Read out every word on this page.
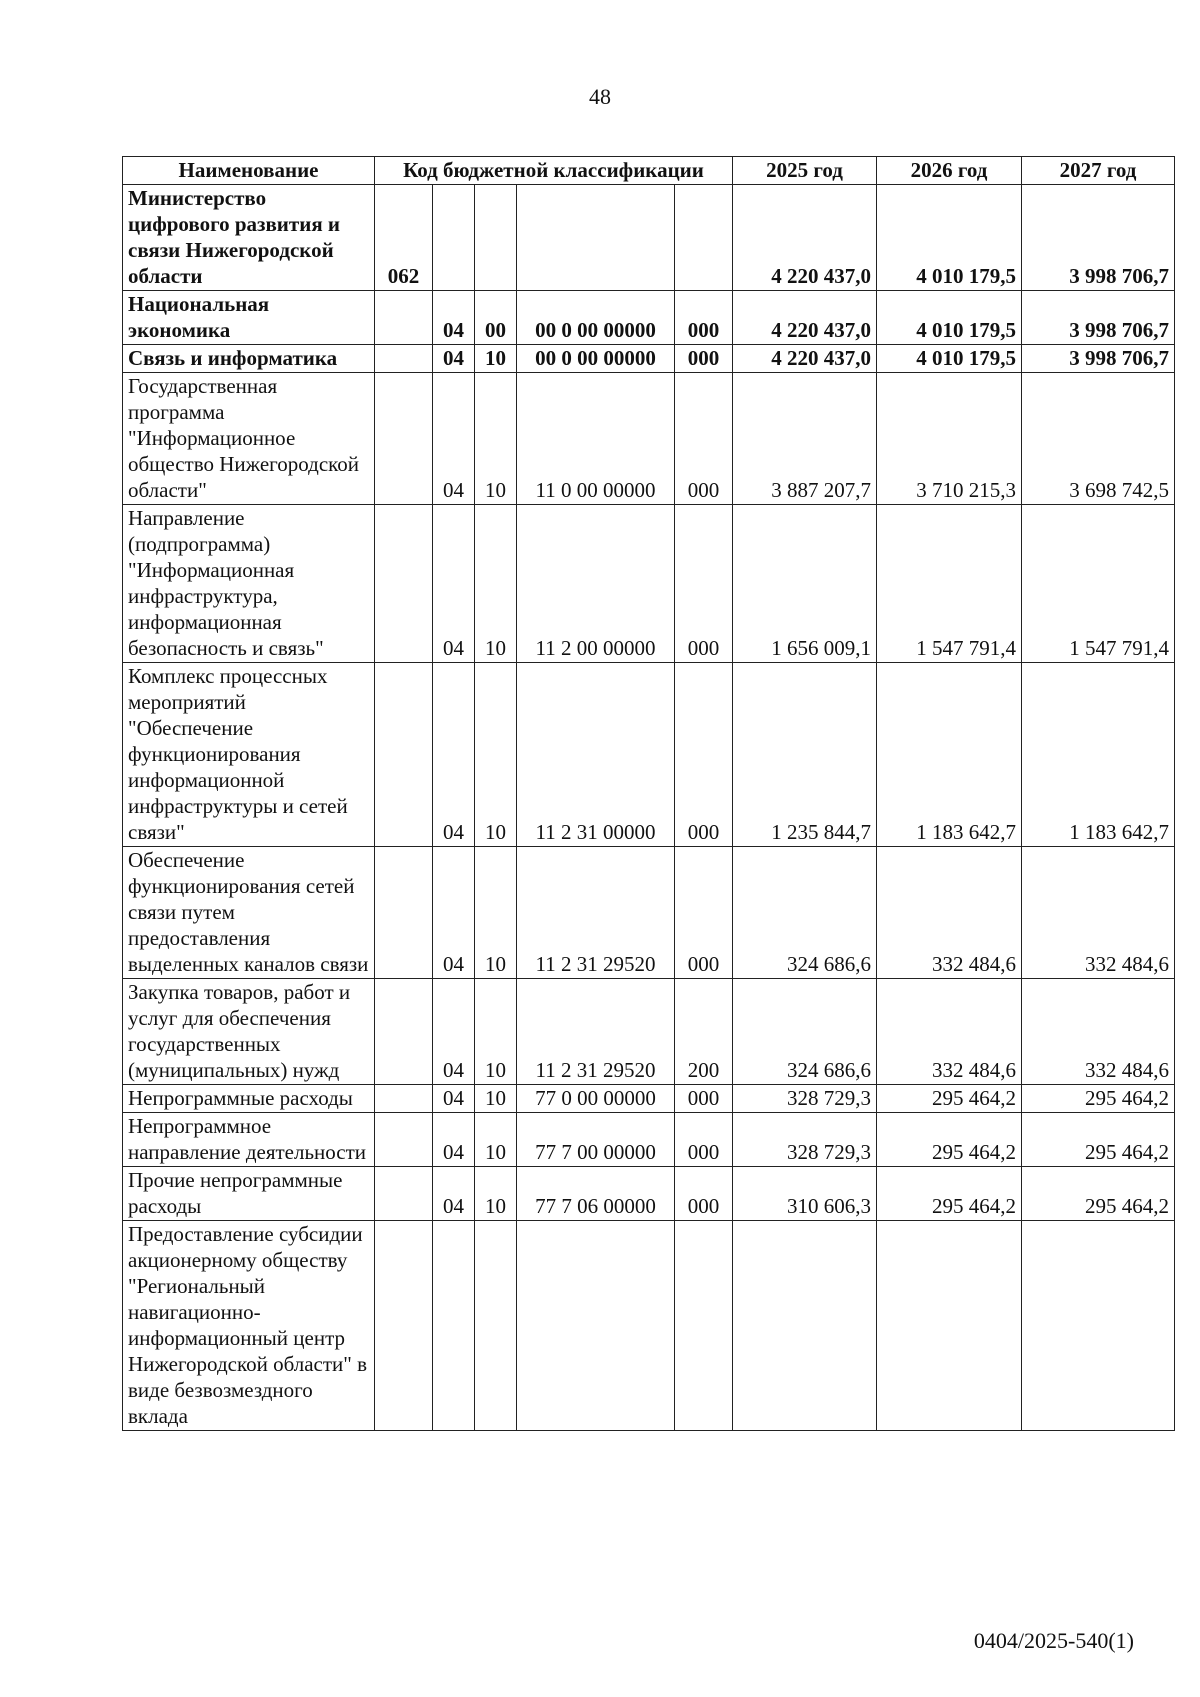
48
Наименование	Код бюджетной классификации					2025 год	2026 год	2027 год
Министерство цифрового развития и связи Нижегородской области	062					4 220 437,0	4 010 179,5	3 998 706,7
Национальная экономика		04	00	00 0 00 00000	000	4 220 437,0	4 010 179,5	3 998 706,7
Связь и информатика		04	10	00 0 00 00000	000	4 220 437,0	4 010 179,5	3 998 706,7
Государственная программа "Информационное общество Нижегородской области"		04	10	11 0 00 00000	000	3 887 207,7	3 710 215,3	3 698 742,5
Направление (подпрограмма) "Информационная инфраструктура, информационная безопасность и связь"		04	10	11 2 00 00000	000	1 656 009,1	1 547 791,4	1 547 791,4
Комплекс процессных мероприятий "Обеспечение функционирования информационной инфраструктуры и сетей связи"		04	10	11 2 31 00000	000	1 235 844,7	1 183 642,7	1 183 642,7
Обеспечение функционирования сетей связи путем предоставления выделенных каналов связи		04	10	11 2 31 29520	000	324 686,6	332 484,6	332 484,6
Закупка товаров, работ и услуг для обеспечения государственных (муниципальных) нужд		04	10	11 2 31 29520	200	324 686,6	332 484,6	332 484,6
Непрограммные расходы		04	10	77 0 00 00000	000	328 729,3	295 464,2	295 464,2
Непрограммное направление деятельности		04	10	77 7 00 00000	000	328 729,3	295 464,2	295 464,2
Прочие непрограммные расходы		04	10	77 7 06 00000	000	310 606,3	295 464,2	295 464,2
Предоставление субсидии акционерному обществу "Региональный навигационно-информационный центр Нижегородской области" в виде безвозмездного вклада								
0404/2025-540(1)
